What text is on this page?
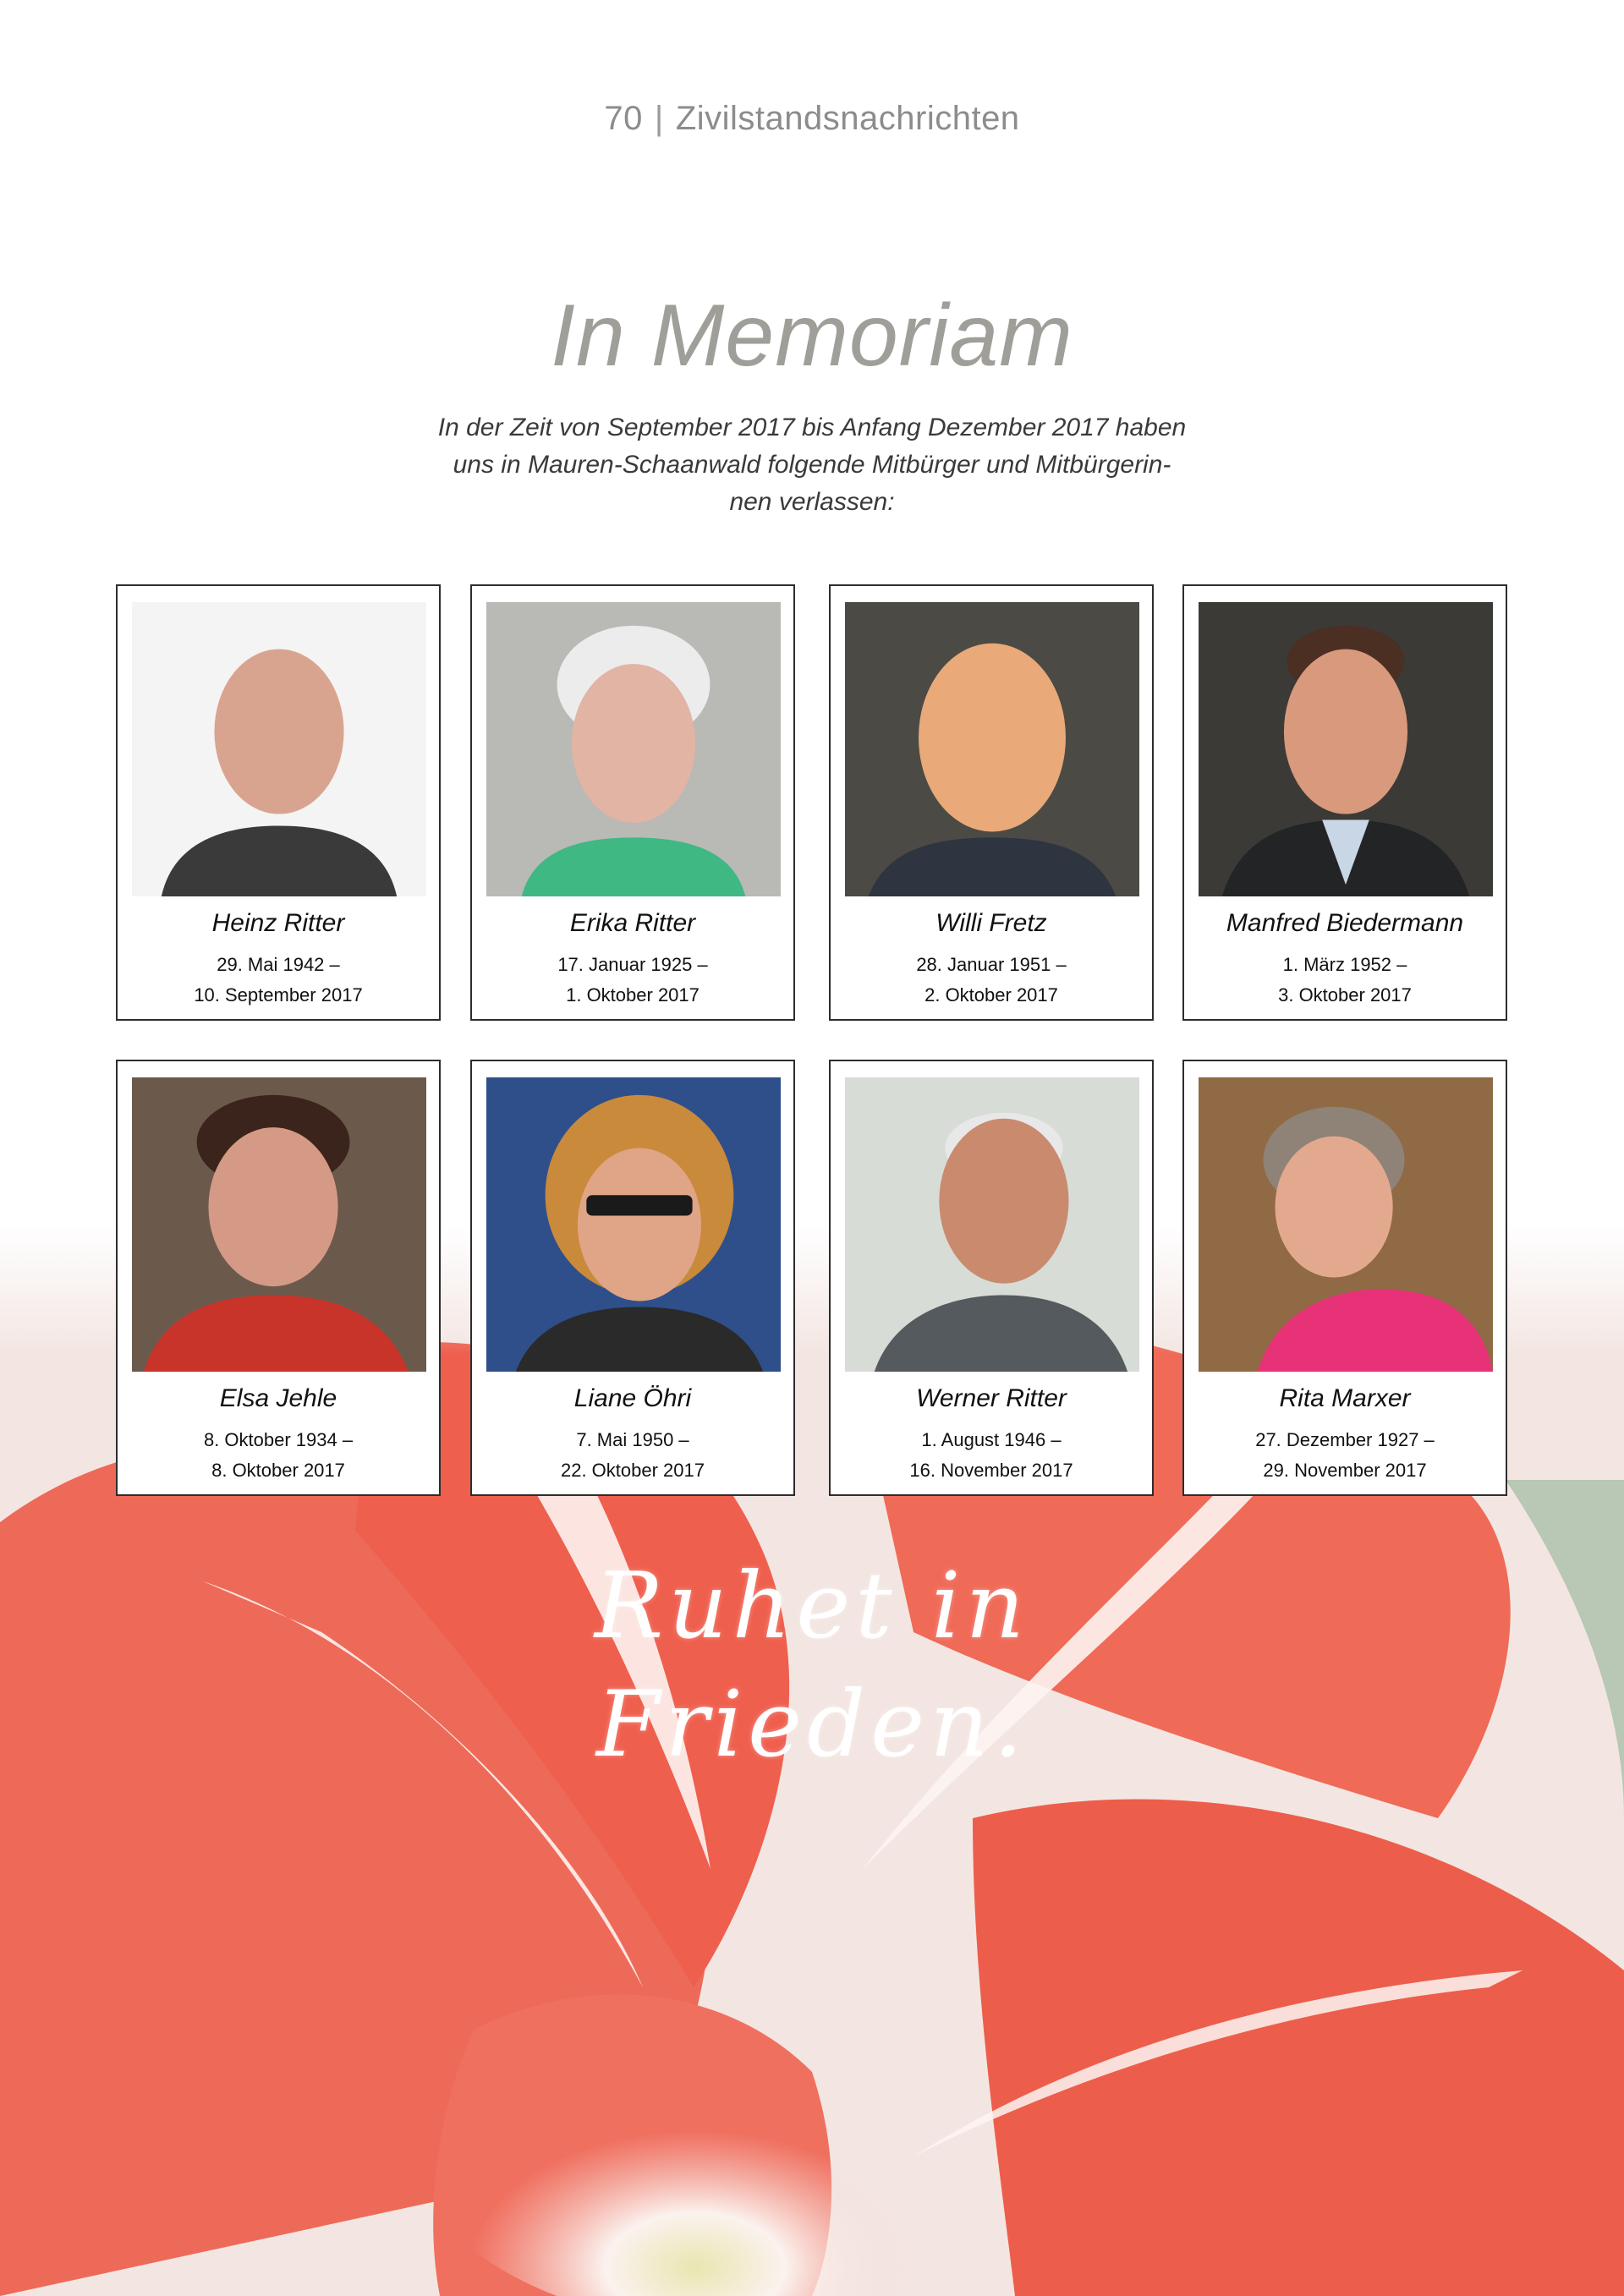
70 | Zivilstandsnachrichten
In Memoriam
In der Zeit von September 2017 bis Anfang Dezember 2017 haben
uns in Mauren-Schaanwald folgende Mitbürger und Mitbürgerin-
nen verlassen:
Heinz Ritter
29. Mai 1942 –
10. September 2017
Erika Ritter
17. Januar 1925 –
1. Oktober 2017
Willi Fretz
28. Januar 1951 –
2. Oktober 2017
Manfred Biedermann
1. März 1952 –
3. Oktober 2017
Elsa Jehle
8. Oktober 1934 –
8. Oktober 2017
Liane Öhri
7. Mai 1950 –
22. Oktober 2017
Werner Ritter
1. August 1946 –
16. November 2017
Rita Marxer
27. Dezember 1927 –
29. November 2017
Ruhet in
Frieden.
